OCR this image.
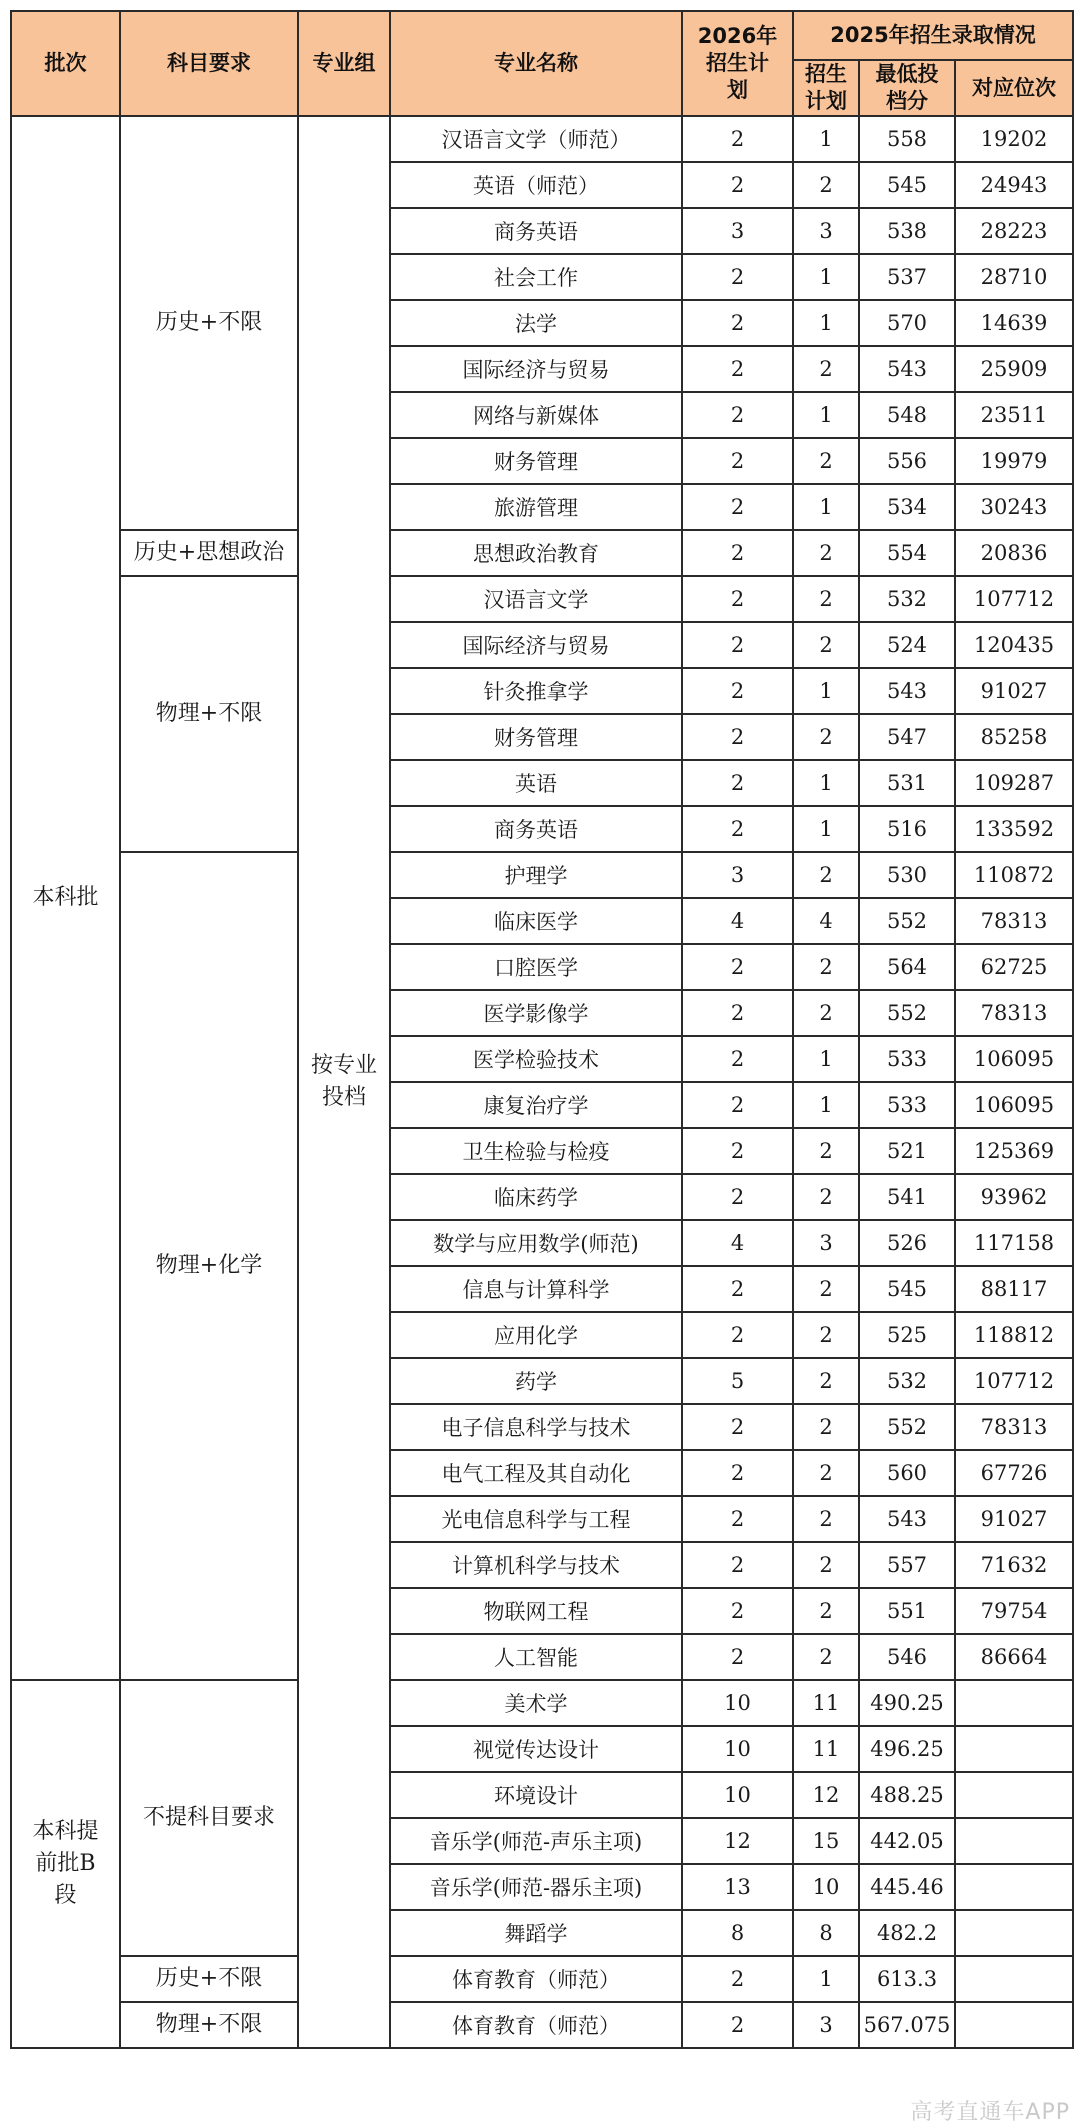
批次	科目要求	专业组	专业名称	2026年招生计划	2025年招生录取情况		
					招生计划	最低投档分	对应位次
本科批	历史+不限	按专业投档	汉语言文学（师范）	2	1	558	19202
			英语（师范）	2	2	545	24943
			商务英语	3	3	538	28223
			社会工作	2	1	537	28710
			法学	2	1	570	14639
			国际经济与贸易	2	2	543	25909
			网络与新媒体	2	1	548	23511
			财务管理	2	2	556	19979
			旅游管理	2	1	534	30243
	历史+思想政治		思想政治教育	2	2	554	20836
	物理+不限		汉语言文学	2	2	532	107712
			国际经济与贸易	2	2	524	120435
			针灸推拿学	2	1	543	91027
			财务管理	2	2	547	85258
			英语	2	1	531	109287
			商务英语	2	1	516	133592
	物理+化学		护理学	3	2	530	110872
			临床医学	4	4	552	78313
			口腔医学	2	2	564	62725
			医学影像学	2	2	552	78313
			医学检验技术	2	1	533	106095
			康复治疗学	2	1	533	106095
			卫生检验与检疫	2	2	521	125369
			临床药学	2	2	541	93962
			数学与应用数学(师范)	4	3	526	117158
			信息与计算科学	2	2	545	88117
			应用化学	2	2	525	118812
			药学	5	2	532	107712
			电子信息科学与技术	2	2	552	78313
			电气工程及其自动化	2	2	560	67726
			光电信息科学与工程	2	2	543	91027
			计算机科学与技术	2	2	557	71632
			物联网工程	2	2	551	79754
			人工智能	2	2	546	86664
本科提前批B段	不提科目要求		美术学	10	11	490.25	
			视觉传达设计	10	11	496.25	
			环境设计	10	12	488.25	
			音乐学(师范-声乐主项)	12	15	442.05	
			音乐学(师范-器乐主项)	13	10	445.46	
			舞蹈学	8	8	482.2	
	历史+不限		体育教育（师范）	2	1	613.3	
	物理+不限		体育教育（师范）	2	3	567.075	
高考直通车APP
